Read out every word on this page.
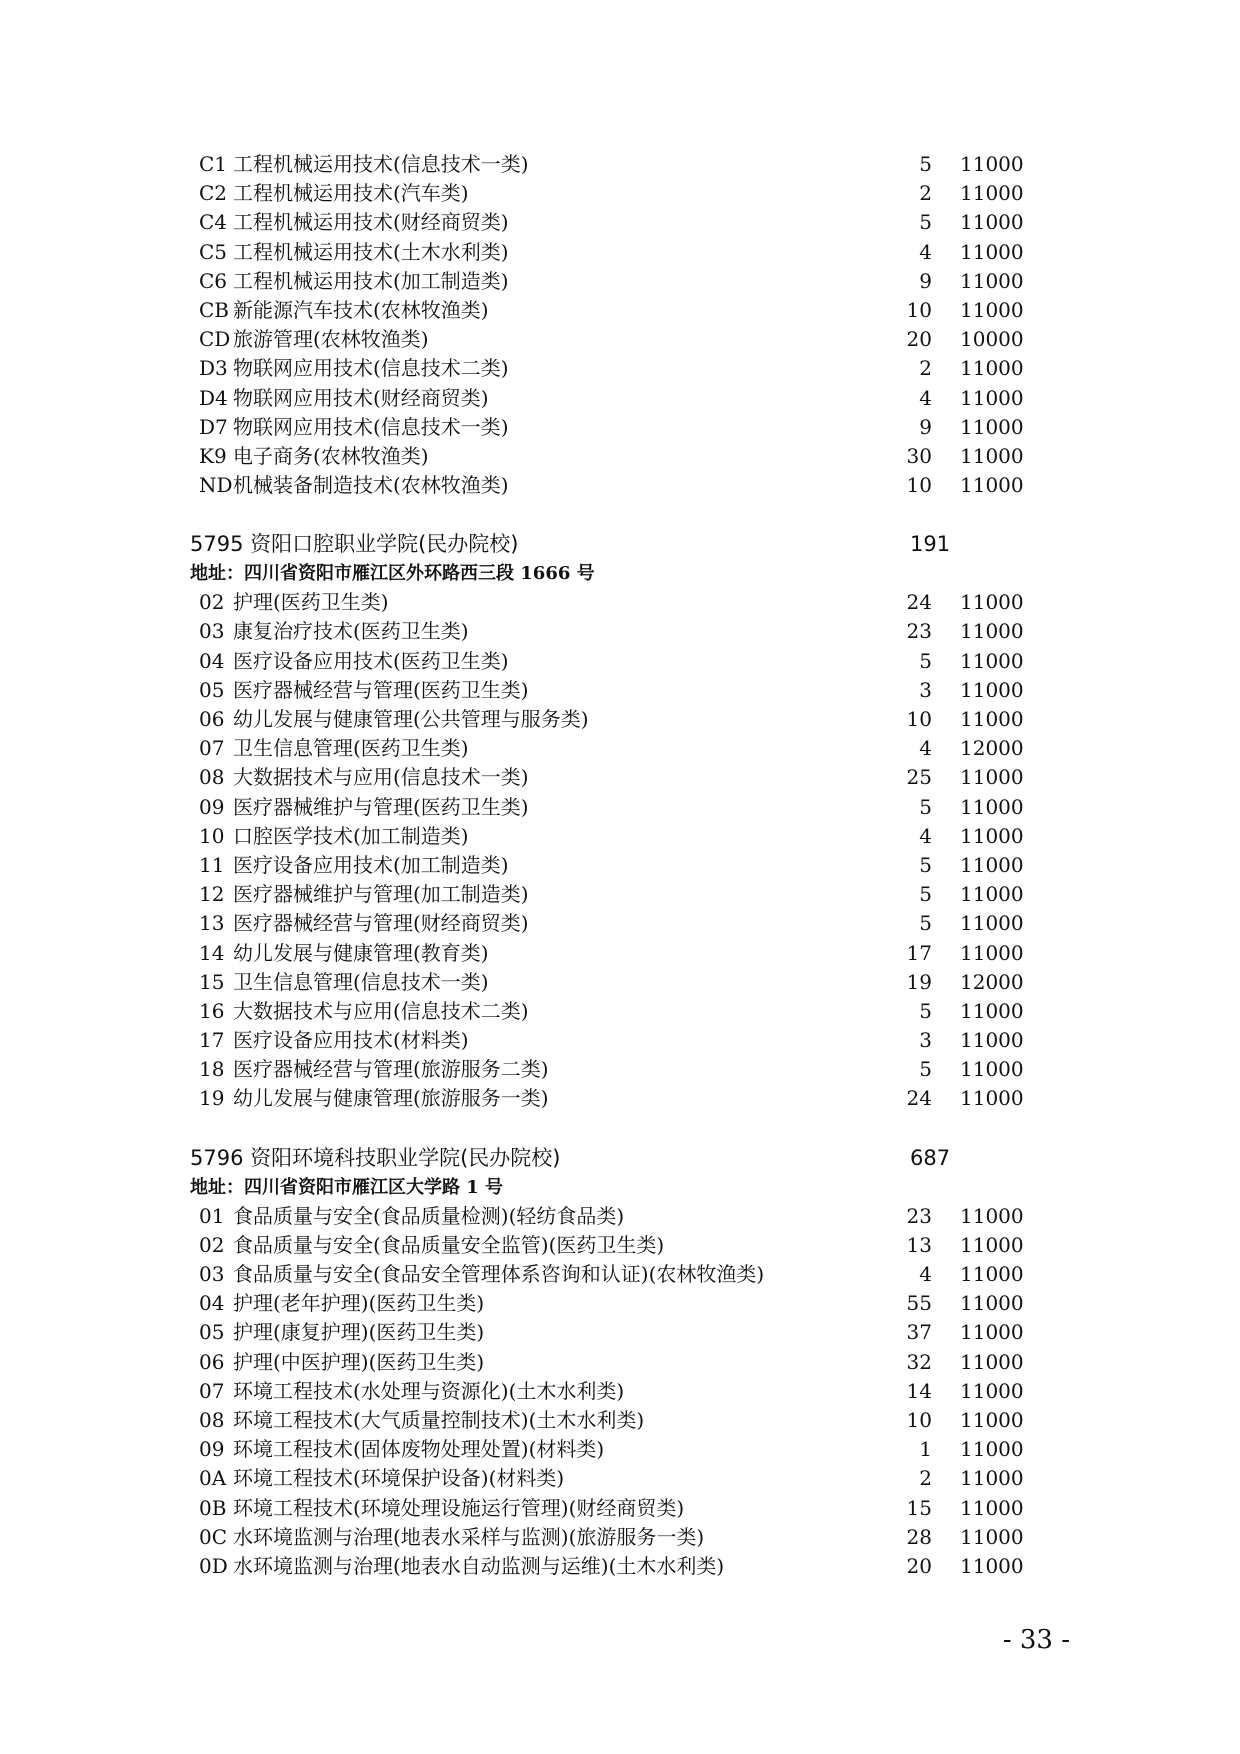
C1 工程机械运用技术(信息技术一类)	5	11000
C2 工程机械运用技术(汽车类)	2	11000
C4 工程机械运用技术(财经商贸类)	5	11000
C5 工程机械运用技术(土木水利类)	4	11000
C6 工程机械运用技术(加工制造类)	9	11000
CB 新能源汽车技术(农林牧渔类)	10	11000
CD 旅游管理(农林牧渔类)	20	10000
D3 物联网应用技术(信息技术二类)	2	11000
D4 物联网应用技术(财经商贸类)	4	11000
D7 物联网应用技术(信息技术一类)	9	11000
K9 电子商务(农林牧渔类)	30	11000
ND 机械装备制造技术(农林牧渔类)	10	11000
5795 资阳口腔职业学院(民办院校)	191
地址：四川省资阳市雁江区外环路西三段 1666 号
02 护理(医药卫生类)	24	11000
03 康复治疗技术(医药卫生类)	23	11000
04 医疗设备应用技术(医药卫生类)	5	11000
05 医疗器械经营与管理(医药卫生类)	3	11000
06 幼儿发展与健康管理(公共管理与服务类)	10	11000
07 卫生信息管理(医药卫生类)	4	12000
08 大数据技术与应用(信息技术一类)	25	11000
09 医疗器械维护与管理(医药卫生类)	5	11000
10 口腔医学技术(加工制造类)	4	11000
11 医疗设备应用技术(加工制造类)	5	11000
12 医疗器械维护与管理(加工制造类)	5	11000
13 医疗器械经营与管理(财经商贸类)	5	11000
14 幼儿发展与健康管理(教育类)	17	11000
15 卫生信息管理(信息技术一类)	19	12000
16 大数据技术与应用(信息技术二类)	5	11000
17 医疗设备应用技术(材料类)	3	11000
18 医疗器械经营与管理(旅游服务二类)	5	11000
19 幼儿发展与健康管理(旅游服务一类)	24	11000
5796 资阳环境科技职业学院(民办院校)	687
地址：四川省资阳市雁江区大学路 1 号
01 食品质量与安全(食品质量检测)(轻纺食品类)	23	11000
02 食品质量与安全(食品质量安全监管)(医药卫生类)	13	11000
03 食品质量与安全(食品安全管理体系咨询和认证)(农林牧渔类)	4	11000
04 护理(老年护理)(医药卫生类)	55	11000
05 护理(康复护理)(医药卫生类)	37	11000
06 护理(中医护理)(医药卫生类)	32	11000
07 环境工程技术(水处理与资源化)(土木水利类)	14	11000
08 环境工程技术(大气质量控制技术)(土木水利类)	10	11000
09 环境工程技术(固体废物处理处置)(材料类)	1	11000
0A 环境工程技术(环境保护设备)(材料类)	2	11000
0B 环境工程技术(环境处理设施运行管理)(财经商贸类)	15	11000
0C 水环境监测与治理(地表水采样与监测)(旅游服务一类)	28	11000
0D 水环境监测与治理(地表水自动监测与运维)(土木水利类)	20	11000
- 33 -
